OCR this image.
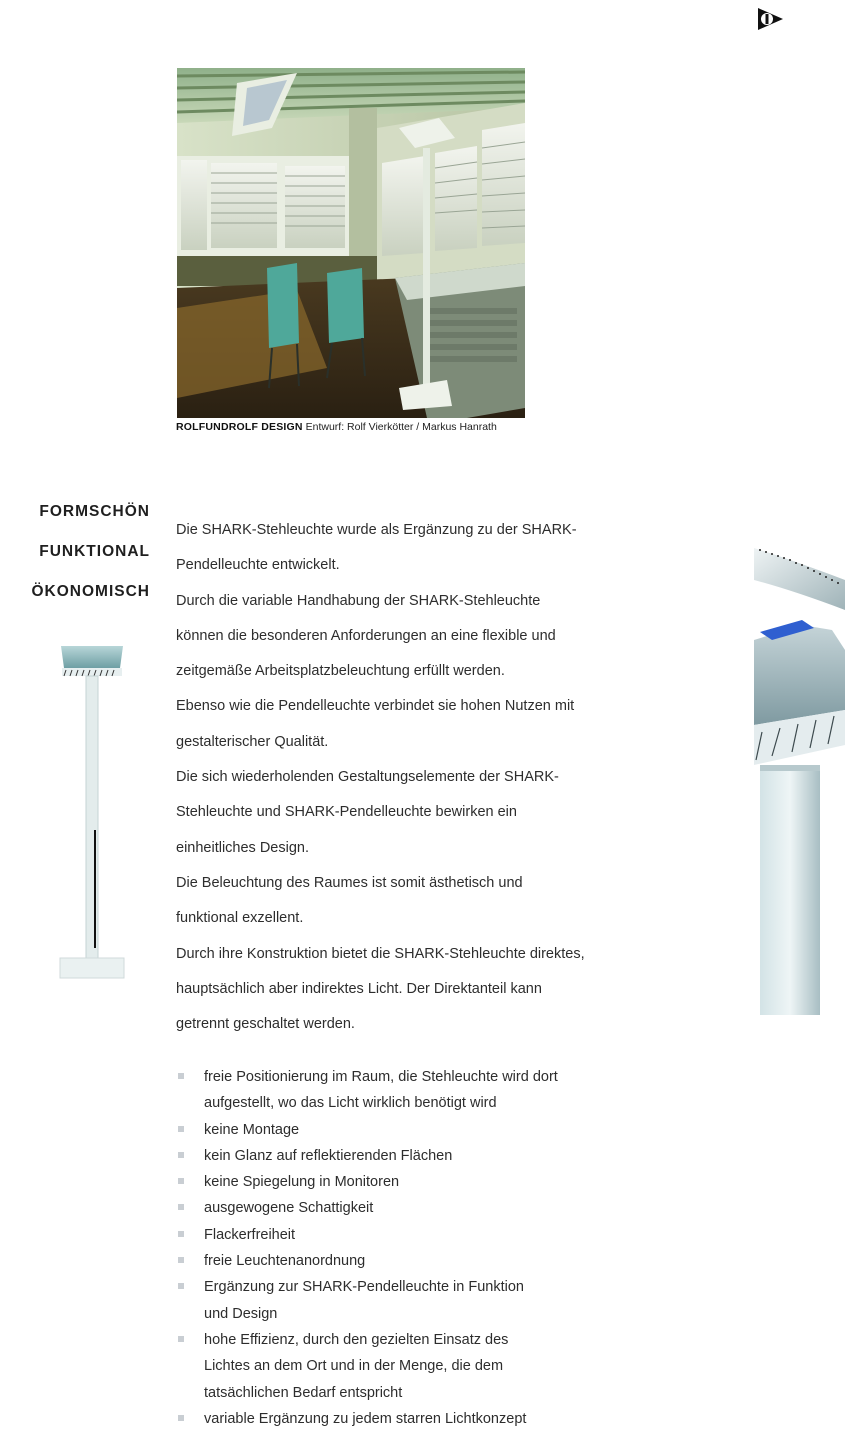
ROLFUNDROLF DESIGN Entwurf: Rolf Vierkötter / Markus Hanrath
FORMSCHÖN
FUNKTIONAL
ÖKONOMISCH

Die SHARK-Stehleuchte wurde als Ergänzung zu der SHARK-

Pendelleuchte entwickelt.

Durch die variable Handhabung der SHARK-Stehleuchte

können die besonderen Anforderungen an eine flexible und

zeitgemäße Arbeitsplatzbeleuchtung erfüllt werden.

Ebenso wie die Pendelleuchte verbindet sie hohen Nutzen mit

gestalterischer Qualität.

Die sich wiederholenden Gestaltungselemente der SHARK-

Stehleuchte und SHARK-Pendelleuchte bewirken ein

einheitliches Design.

Die Beleuchtung des Raumes ist somit ästhetisch und

funktional exzellent.

Durch ihre Konstruktion bietet die SHARK-Stehleuchte direktes,

hauptsächlich aber indirektes Licht. Der Direktanteil kann

getrennt geschaltet werden.

freie Positionierung im Raum, die Stehleuchte wird dort
aufgestellt, wo das Licht wirklich benötigt wird
keine Montage
kein Glanz auf reflektierenden Flächen
keine Spiegelung in Monitoren
ausgewogene Schattigkeit
Flackerfreiheit
freie Leuchtenanordnung
Ergänzung zur SHARK-Pendelleuchte in Funktion
und Design
hohe Effizienz, durch den gezielten Einsatz des
Lichtes an dem Ort und in der Menge, die dem
tatsächlichen Bedarf entspricht
variable Ergänzung zu jedem starren Lichtkonzept
